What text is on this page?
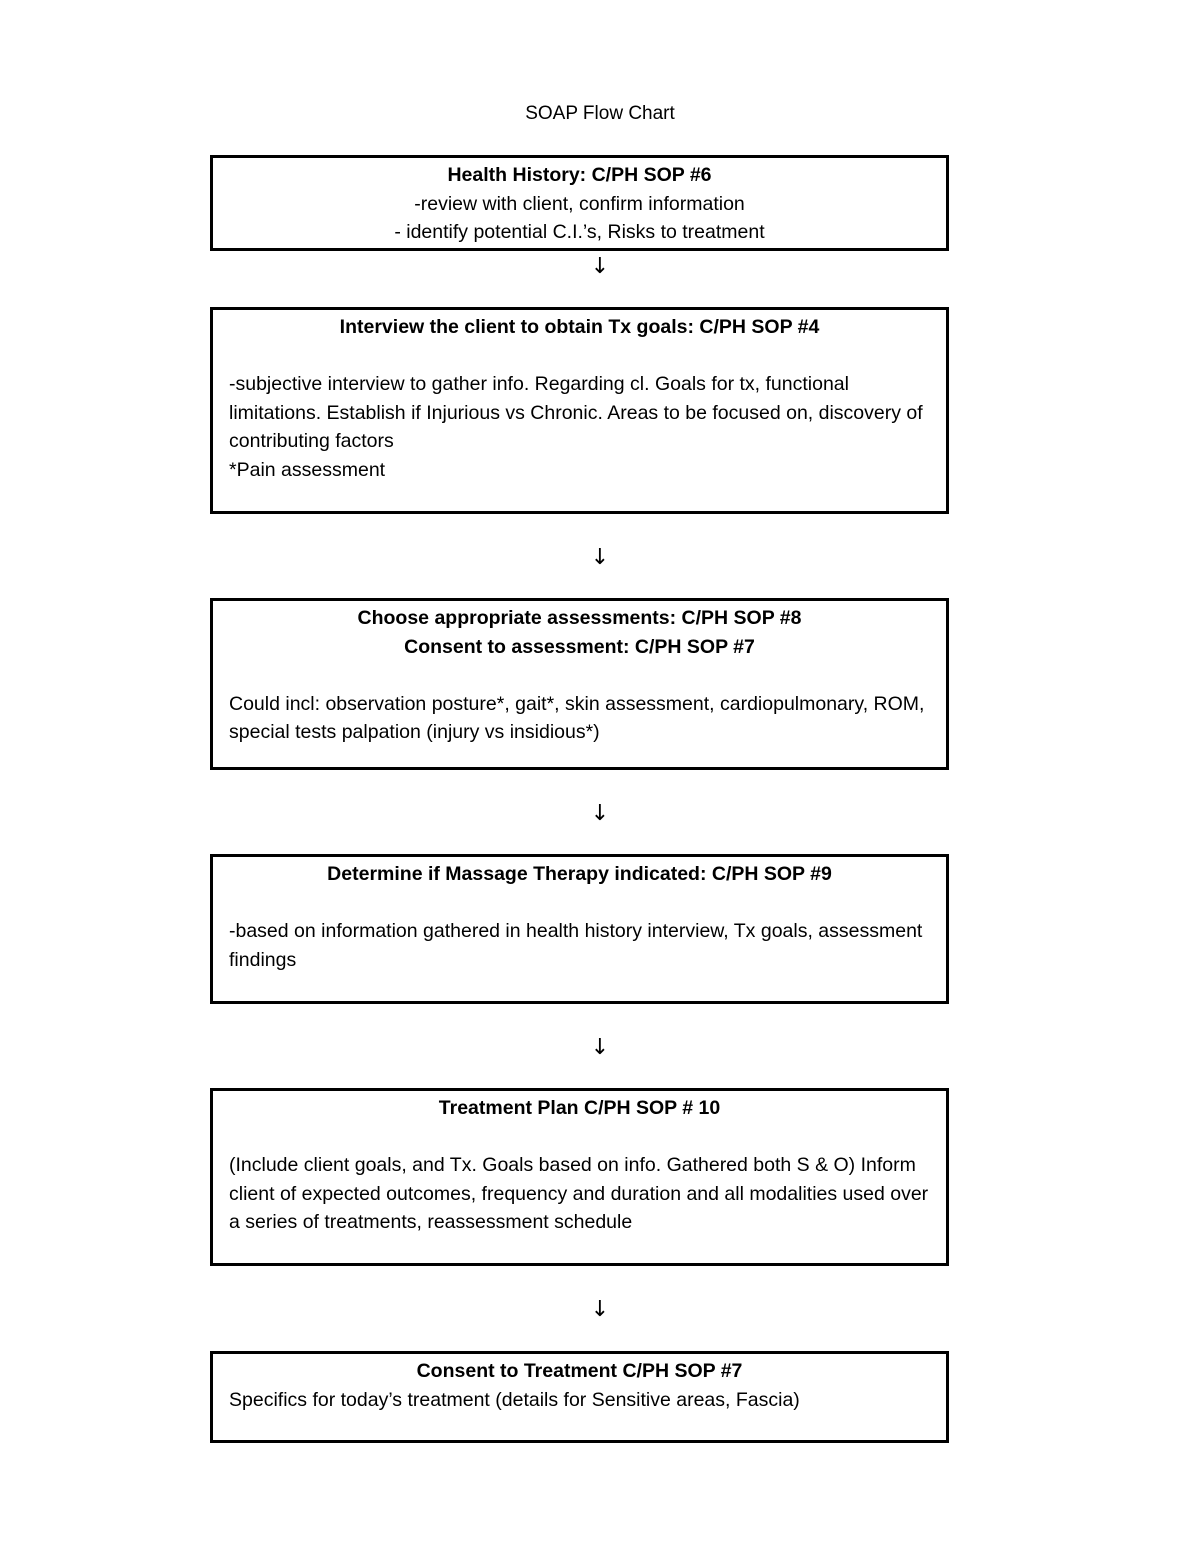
SOAP Flow Chart
Health History: C/PH SOP #6
-review with client, confirm information
- identify potential C.I.’s, Risks to treatment
↓
Interview the client to obtain Tx goals: C/PH SOP #4
-subjective interview to gather info. Regarding cl. Goals for tx, functional limitations. Establish if Injurious vs Chronic. Areas to be focused on, discovery of contributing factors
*Pain assessment
↓
Choose appropriate assessments: C/PH SOP #8
Consent to assessment: C/PH SOP #7
Could incl: observation posture*, gait*, skin assessment, cardiopulmonary, ROM, special tests palpation (injury vs insidious*)
↓
Determine if Massage Therapy indicated: C/PH SOP #9
-based on information gathered in health history interview, Tx goals, assessment findings
↓
Treatment Plan C/PH SOP # 10
(Include client goals, and Tx. Goals based on info. Gathered both S & O) Inform client of expected outcomes, frequency and duration and all modalities used over a series of treatments, reassessment schedule
↓
Consent to Treatment C/PH SOP #7
Specifics for today’s treatment (details for Sensitive areas, Fascia)
